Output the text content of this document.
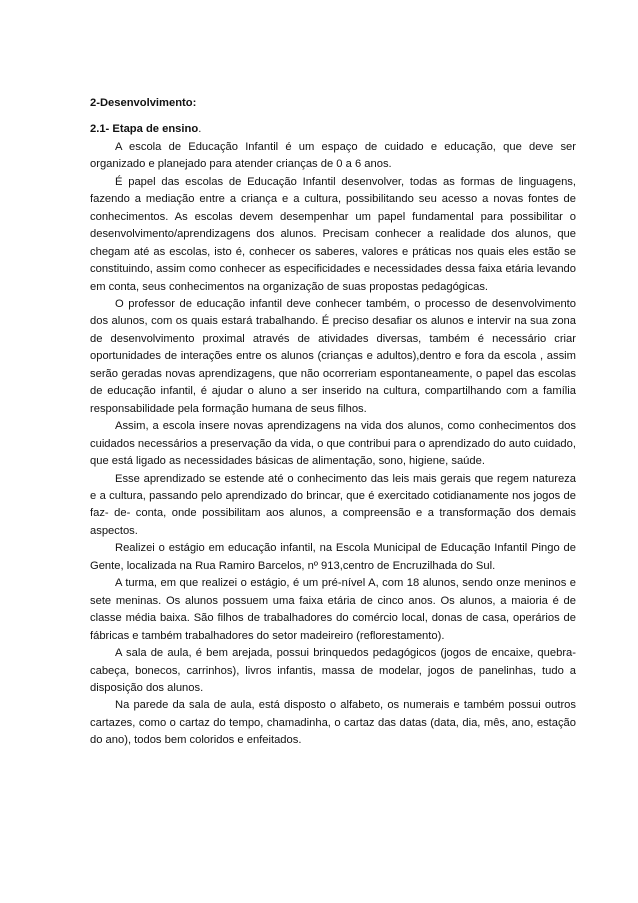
2-Desenvolvimento:

2.1- Etapa de ensino.

A escola de Educação Infantil é um espaço de cuidado e educação, que deve ser organizado e planejado para atender crianças de 0 a 6 anos.

É papel das escolas de Educação Infantil desenvolver, todas as formas de linguagens, fazendo a mediação entre a criança e a cultura, possibilitando seu acesso a novas fontes de conhecimentos. As escolas devem desempenhar um papel fundamental para possibilitar o desenvolvimento/aprendizagens dos alunos. Precisam conhecer a realidade dos alunos, que chegam até as escolas, isto é, conhecer os saberes, valores e práticas nos quais eles estão se constituindo, assim como conhecer as especificidades e necessidades dessa faixa etária levando em conta, seus conhecimentos na organização de suas propostas pedagógicas.

O professor de educação infantil deve conhecer também, o processo de desenvolvimento dos alunos, com os quais estará trabalhando. É preciso desafiar os alunos e intervir na sua zona de desenvolvimento proximal através de atividades diversas, também é necessário criar oportunidades de interações entre os alunos (crianças e adultos),dentro e fora da escola , assim serão geradas novas aprendizagens, que não ocorreriam espontaneamente, o papel das escolas de educação infantil, é ajudar o aluno a ser inserido na cultura, compartilhando com a família responsabilidade pela formação humana de seus filhos.

Assim, a escola insere novas aprendizagens na vida dos alunos, como conhecimentos dos cuidados necessários a preservação da vida, o que contribui para o aprendizado do auto cuidado, que está ligado as necessidades básicas de alimentação, sono, higiene, saúde.

Esse aprendizado se estende até o conhecimento das leis mais gerais que regem natureza e a cultura, passando pelo aprendizado do brincar, que é exercitado cotidianamente nos jogos de faz- de- conta, onde possibilitam aos alunos, a compreensão e a transformação dos demais aspectos.

Realizei o estágio em educação infantil, na Escola Municipal de Educação Infantil Pingo de Gente, localizada na Rua Ramiro Barcelos, nº 913,centro de Encruzilhada do Sul.

A turma, em que realizei o estágio, é um pré-nível A, com 18 alunos, sendo onze meninos e sete meninas. Os alunos possuem uma faixa etária de cinco anos. Os alunos, a maioria é de classe média baixa. São filhos de trabalhadores do comércio local, donas de casa, operários de fábricas e também trabalhadores do setor madeireiro (reflorestamento).

A sala de aula, é bem arejada, possui brinquedos pedagógicos (jogos de encaixe, quebra-cabeça, bonecos, carrinhos), livros infantis, massa de modelar, jogos de panelinhas, tudo a disposição dos alunos.

Na parede da sala de aula, está disposto o alfabeto, os numerais e também possui outros cartazes, como o cartaz do tempo, chamadinha, o cartaz das datas (data, dia, mês, ano, estação do ano), todos bem coloridos e enfeitados.
